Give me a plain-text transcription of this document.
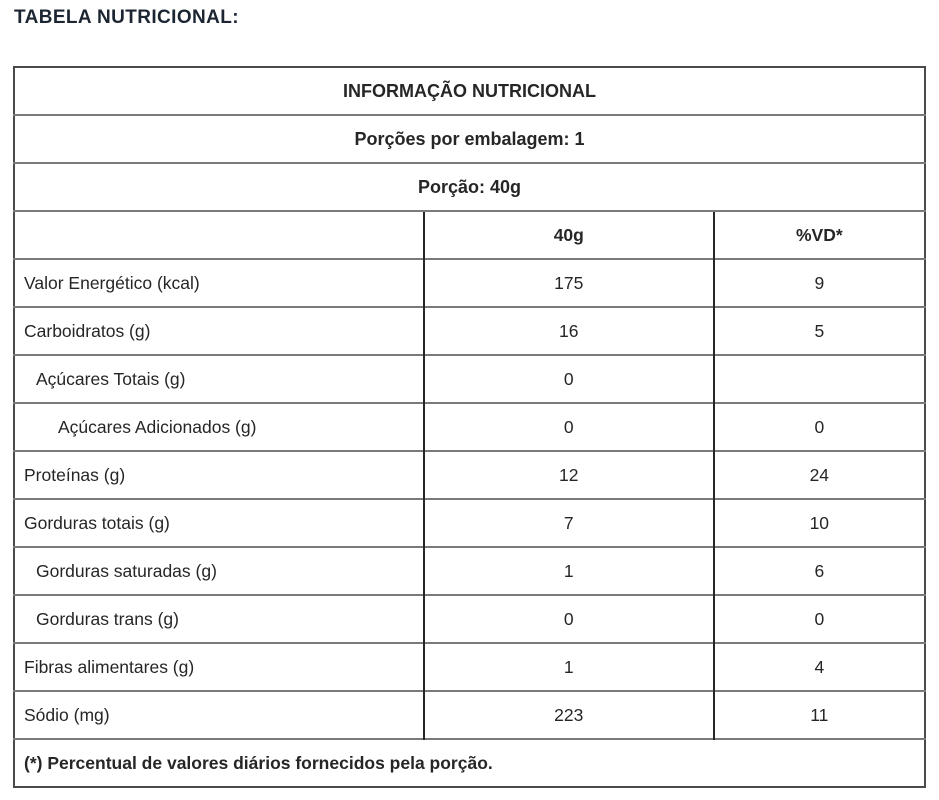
TABELA NUTRICIONAL:
INFORMAÇÃO NUTRICIONAL		
Porções por embalagem: 1		
Porção: 40g		
	40g	%VD*
Valor Energético (kcal)	175	9
Carboidratos (g)	16	5
Açúcares Totais (g)	0	
Açúcares Adicionados (g)	0	0
Proteínas (g)	12	24
Gorduras totais (g)	7	10
Gorduras saturadas (g)	1	6
Gorduras trans (g)	0	0
Fibras alimentares (g)	1	4
Sódio (mg)	223	11
(*) Percentual de valores diários fornecidos pela porção.		
